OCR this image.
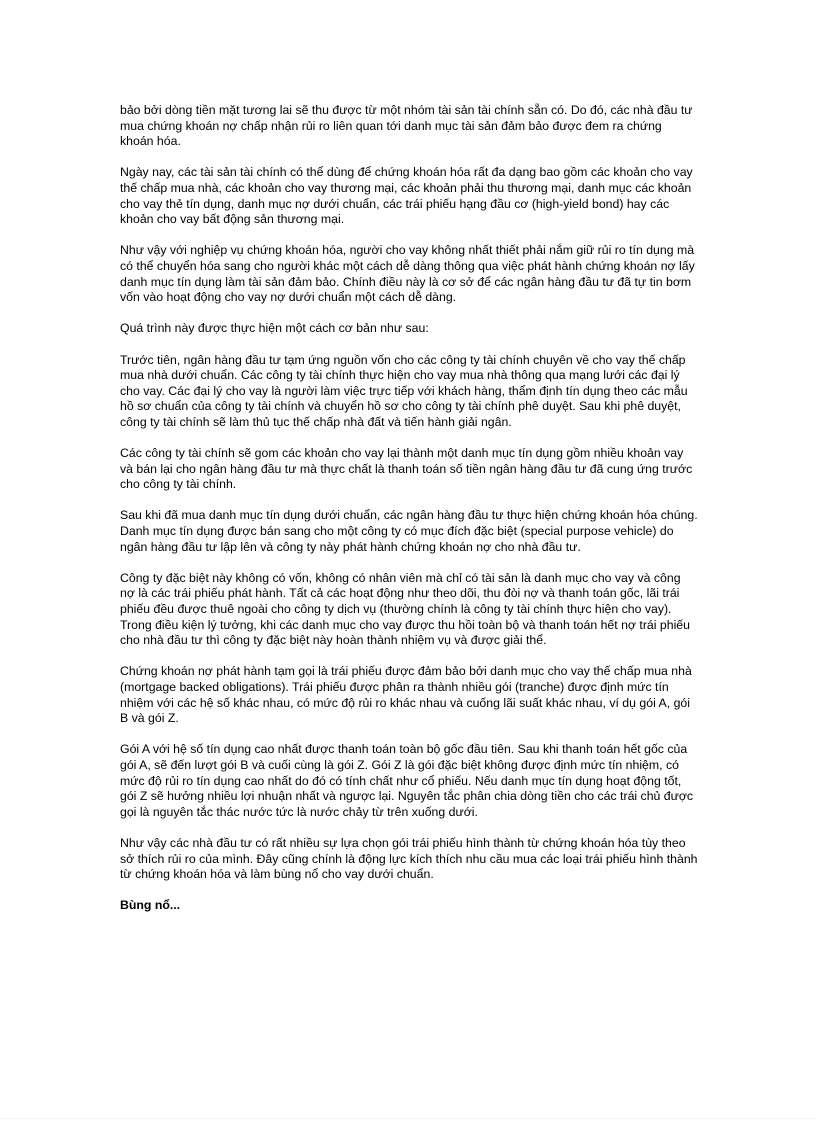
bảo bởi dòng tiền mặt tương lai sẽ thu được từ một nhóm tài sản tài chính sẵn có. Do đó, các nhà đầu tư mua chứng khoán nợ chấp nhận rủi ro liên quan tới danh mục tài sản đảm bảo được đem ra chứng khoán hóa.

Ngày nay, các tài sản tài chính có thể dùng để chứng khoán hóa rất đa dạng bao gồm các khoản cho vay thế chấp mua nhà, các khoản cho vay thương mại, các khoản phải thu thương mại, danh mục các khoản cho vay thẻ tín dụng, danh mục nợ dưới chuẩn, các trái phiếu hạng đầu cơ (high-yield bond) hay các khoản cho vay bất động sản thương mại.

Như vậy với nghiệp vụ chứng khoán hóa, người cho vay không nhất thiết phải nắm giữ rủi ro tín dụng mà có thể chuyển hóa sang cho người khác một cách dễ dàng thông qua việc phát hành chứng khoán nợ lấy danh mục tín dụng làm tài sản đảm bảo. Chính điều này là cơ sở để các ngân hàng đầu tư đã tự tin bơm vốn vào hoạt động cho vay nợ dưới chuẩn một cách dễ dàng.

Quá trình này được thực hiện một cách cơ bản như sau:

Trước tiên, ngân hàng đầu tư tạm ứng nguồn vốn cho các công ty tài chính chuyên về cho vay thế chấp mua nhà dưới chuẩn. Các công ty tài chính thực hiện cho vay mua nhà thông qua mạng lưới các đại lý cho vay. Các đại lý cho vay là người làm việc trực tiếp với khách hàng, thẩm định tín dụng theo các mẫu hồ sơ chuẩn của công ty tài chính và chuyển hồ sơ cho công ty tài chính phê duyệt. Sau khi phê duyệt, công ty tài chính sẽ làm thủ tục thế chấp nhà đất và tiến hành giải ngân.

Các công ty tài chính sẽ gom các khoản cho vay lại thành một danh mục tín dụng gồm nhiều khoản vay và bán lại cho ngân hàng đầu tư mà thực chất là thanh toán số tiền ngân hàng đầu tư đã cung ứng trước cho công ty tài chính.

Sau khi đã mua danh mục tín dụng dưới chuẩn, các ngân hàng đầu tư thực hiện chứng khoán hóa chúng. Danh mục tín dụng được bán sang cho một công ty có mục đích đặc biệt (special purpose vehicle) do ngân hàng đầu tư lập lên và công ty này phát hành chứng khoán nợ cho nhà đầu tư.

Công ty đặc biệt này không có vốn, không có nhân viên mà chỉ có tài sản là danh mục cho vay và công nợ là các trái phiếu phát hành. Tất cả các hoạt động như theo dõi, thu đòi nợ và thanh toán gốc, lãi trái phiếu đều được thuê ngoài cho công ty dịch vụ (thường chính là công ty tài chính thực hiện cho vay). Trong điều kiện lý tưởng, khi các danh mục cho vay được thu hồi toàn bộ và thanh toán hết nợ trái phiếu cho nhà đầu tư thì công ty đặc biệt này hoàn thành nhiệm vụ và được giải thể.

Chứng khoán nợ phát hành tạm gọi là trái phiếu được đảm bảo bởi danh mục cho vay thế chấp mua nhà (mortgage backed obligations). Trái phiếu được phân ra thành nhiều gói (tranche) được định mức tín nhiệm với các hệ số khác nhau, có mức độ rủi ro khác nhau và cuống lãi suất khác nhau, ví dụ gói A, gói B và gói Z.

Gói A với hệ số tín dụng cao nhất được thanh toán toàn bộ gốc đầu tiên. Sau khi thanh toán hết gốc của gói A, sẽ đến lượt gói B và cuối cùng là gói Z. Gói Z là gói đặc biệt không được định mức tín nhiệm, có mức độ rủi ro tín dụng cao nhất do đó có tính chất như cổ phiếu. Nếu danh mục tín dụng hoạt động tốt, gói Z sẽ hưởng nhiều lợi nhuận nhất và ngược lại. Nguyên tắc phân chia dòng tiền cho các trái chủ được gọi là nguyên tắc thác nước tức là nước chảy từ trên xuống dưới.

Như vậy các nhà đầu tư có rất nhiều sự lựa chọn gói trái phiếu hình thành từ chứng khoán hóa tùy theo sở thích rủi ro của mình. Đây cũng chính là động lực kích thích nhu cầu mua các loại trái phiếu hình thành từ chứng khoán hóa và làm bùng nổ cho vay dưới chuẩn.

Bùng nổ...
